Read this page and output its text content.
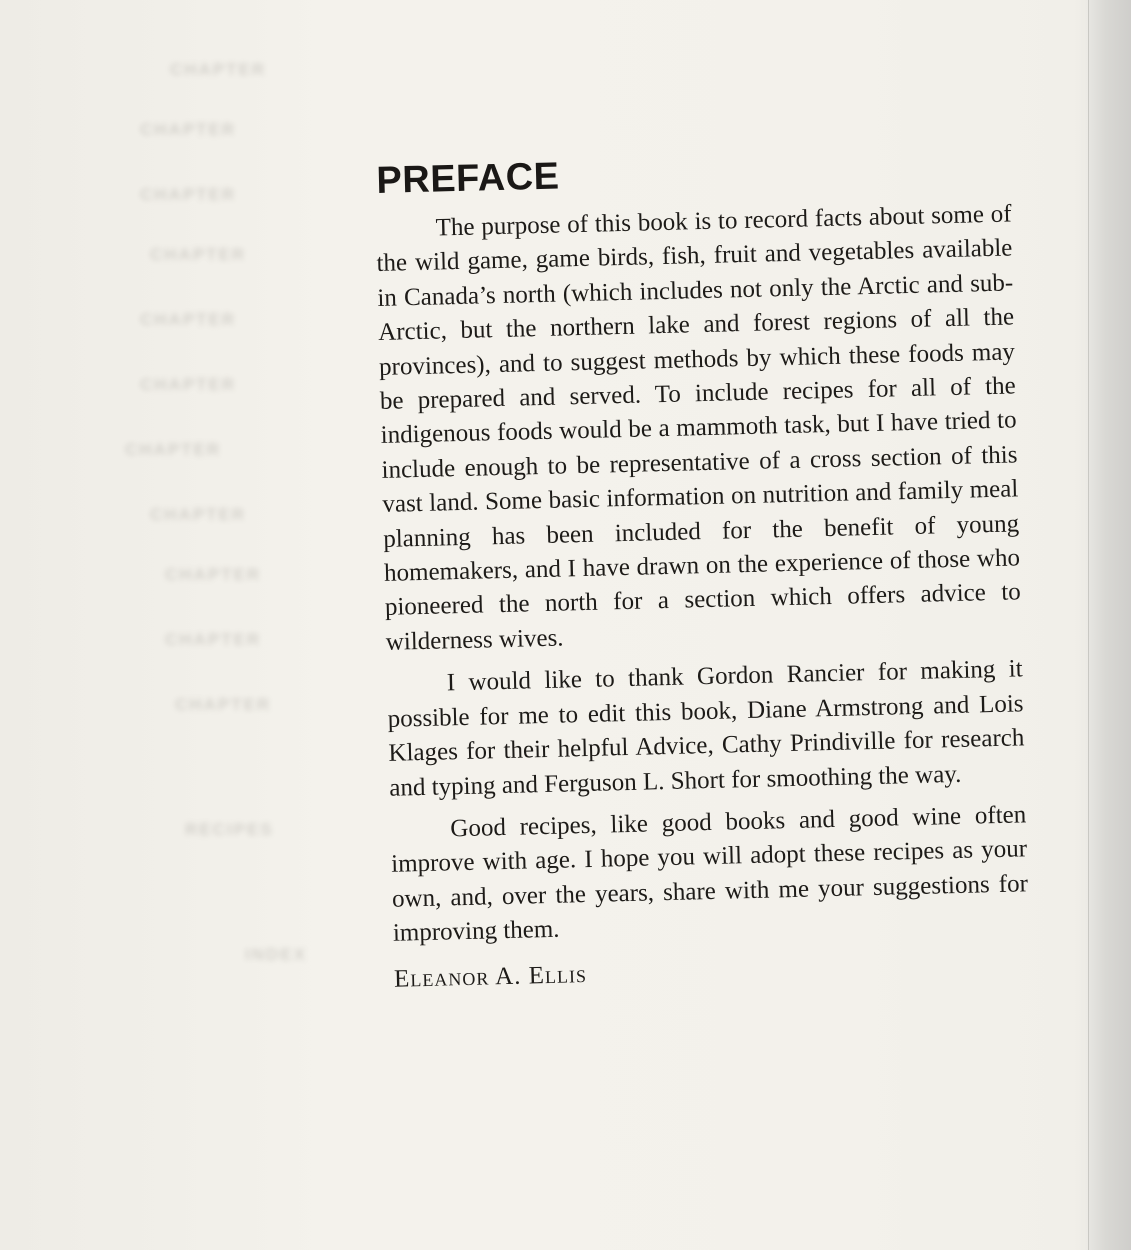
CHAPTER
CHAPTER
CHAPTER
CHAPTER
CHAPTER
CHAPTER
CHAPTER
CHAPTER
CHAPTER
CHAPTER
CHAPTER
RECIPES
INDEX
PREFACE

The purpose of this book is to record facts about some of the wild game, game birds, fish, fruit and vegetables available in Canada’s north (which includes not only the Arctic and sub-Arctic, but the northern lake and forest regions of all the provinces), and to suggest methods by which these foods may be prepared and served. To include recipes for all of the indigenous foods would be a mammoth task, but I have tried to include enough to be representative of a cross section of this vast land. Some basic information on nutrition and family meal planning has been included for the benefit of young homemakers, and I have drawn on the experience of those who pioneered the north for a section which offers advice to wilderness wives.

I would like to thank Gordon Rancier for making it possible for me to edit this book, Diane Armstrong and Lois Klages for their helpful Advice, Cathy Prindiville for research and typing and Ferguson L. Short for smoothing the way.

Good recipes, like good books and good wine often improve with age. I hope you will adopt these recipes as your own, and, over the years, share with me your suggestions for improving them.

Eleanor A. Ellis
